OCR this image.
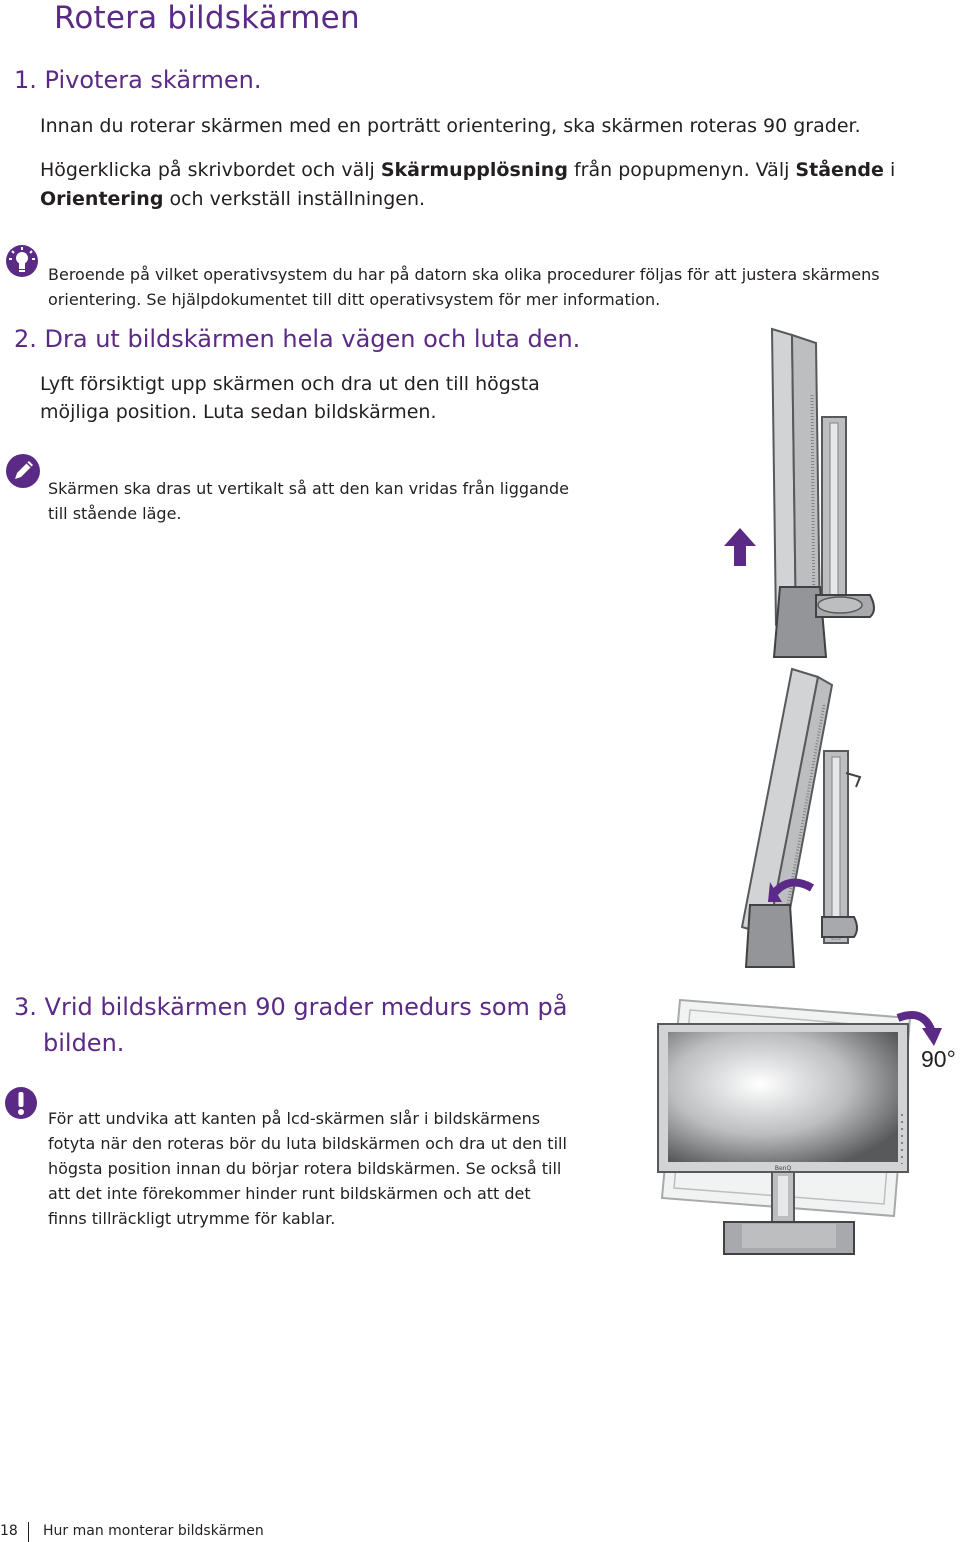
Rotera bildskärmen
1. Pivotera skärmen.
Innan du roterar skärmen med en porträtt orientering, ska skärmen roteras 90 grader.
Högerklicka på skrivbordet och välj Skärmupplösning från popupmenyn. Välj Stående i
Orientering och verkställ inställningen.
Beroende på vilket operativsystem du har på datorn ska olika procedurer följas för att justera skärmens
orientering. Se hjälpdokumentet till ditt operativsystem för mer information.
2. Dra ut bildskärmen hela vägen och luta den.
Lyft försiktigt upp skärmen och dra ut den till högsta
möjliga position. Luta sedan bildskärmen.
Skärmen ska dras ut vertikalt så att den kan vridas från liggande
till stående läge.
3. Vrid bildskärmen 90 grader medurs som på
bilden.
För att undvika att kanten på lcd-skärmen slår i bildskärmens
fotyta när den roteras bör du luta bildskärmen och dra ut den till
högsta position innan du börjar rotera bildskärmen. Se också till
att det inte förekommer hinder runt bildskärmen och att det
finns tillräckligt utrymme för kablar.
BenQ
90°
18 Hur man monterar bildskärmen
